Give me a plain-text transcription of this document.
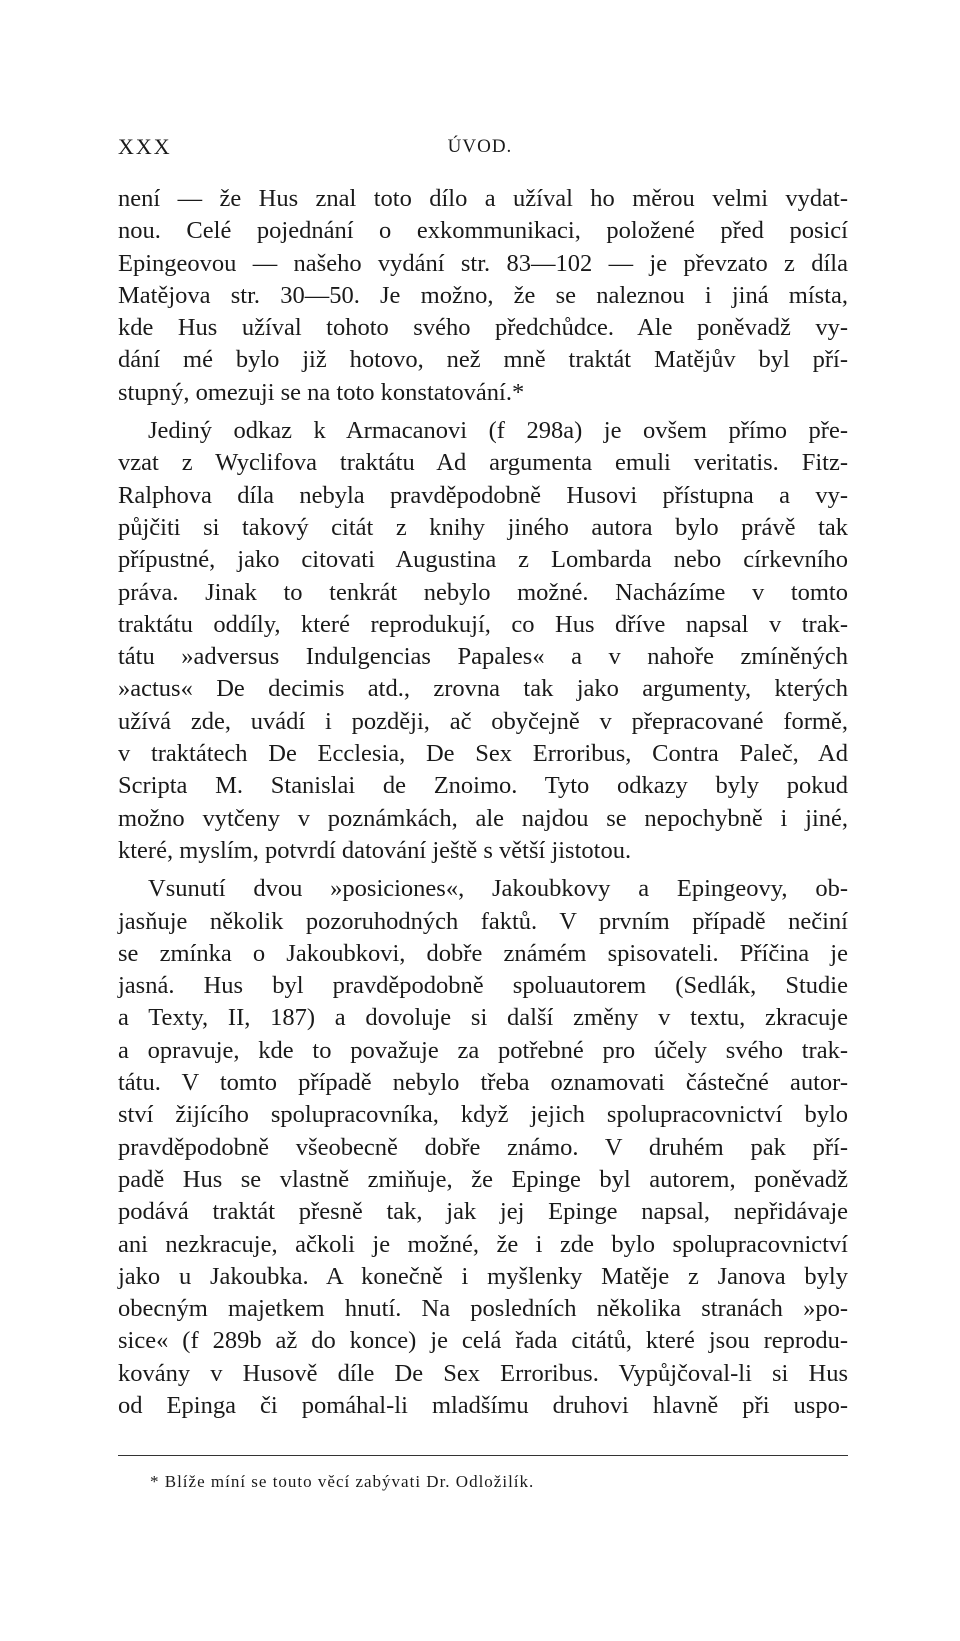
XXX	ÚVOD.
není — že Hus znal toto dílo a užíval ho měrou velmi vydat-
nou. Celé pojednání o exkommunikaci, položené před posicí
Epingeovou — našeho vydání str. 83—102 — je převzato z díla
Matějova str. 30—50. Je možno, že se naleznou i jiná místa,
kde Hus užíval tohoto svého předchůdce. Ale poněvadž vy-
dání mé bylo již hotovo, než mně traktát Matějův byl pří-
stupný, omezuji se na toto konstatování.*
Jediný odkaz k Armacanovi (f 298a) je ovšem přímo pře-
vzat z Wyclifova traktátu Ad argumenta emuli veritatis. Fitz-
Ralphova díla nebyla pravděpodobně Husovi přístupna a vy-
půjčiti si takový citát z knihy jiného autora bylo právě tak
přípustné, jako citovati Augustina z Lombarda nebo církevního
práva. Jinak to tenkrát nebylo možné. Nacházíme v tomto
traktátu oddíly, které reprodukují, co Hus dříve napsal v trak-
tátu »adversus Indulgencias Papales« a v nahoře zmíněných
»actus« De decimis atd., zrovna tak jako argumenty, kterých
užívá zde, uvádí i později, ač obyčejně v přepracované formě,
v traktátech De Ecclesia, De Sex Erroribus, Contra Paleč, Ad
Scripta M. Stanislai de Znoimo. Tyto odkazy byly pokud
možno vytčeny v poznámkách, ale najdou se nepochybně i jiné,
které, myslím, potvrdí datování ještě s větší jistotou.
Vsunutí dvou »posiciones«, Jakoubkovy a Epingeovy, ob-
jasňuje několik pozoruhodných faktů. V prvním případě nečiní
se zmínka o Jakoubkovi, dobře známém spisovateli. Příčina je
jasná. Hus byl pravděpodobně spoluautorem (Sedlák, Studie
a Texty, II, 187) a dovoluje si další změny v textu, zkracuje
a opravuje, kde to považuje za potřebné pro účely svého trak-
tátu. V tomto případě nebylo třeba oznamovati částečné autor-
ství žijícího spolupracovníka, když jejich spolupracovnictví bylo
pravděpodobně všeobecně dobře známo. V druhém pak pří-
padě Hus se vlastně zmiňuje, že Epinge byl autorem, poněvadž
podává traktát přesně tak, jak jej Epinge napsal, nepřidávaje
ani nezkracuje, ačkoli je možné, že i zde bylo spolupracovnictví
jako u Jakoubka. A konečně i myšlenky Matěje z Janova byly
obecným majetkem hnutí. Na posledních několika stranách »po-
sice« (f 289b až do konce) je celá řada citátů, které jsou reprodu-
kovány v Husově díle De Sex Erroribus. Vypůjčoval-li si Hus
od Epinga či pomáhal-li mladšímu druhovi hlavně při uspo-
* Blíže míní se touto věcí zabývati Dr. Odložilík.
